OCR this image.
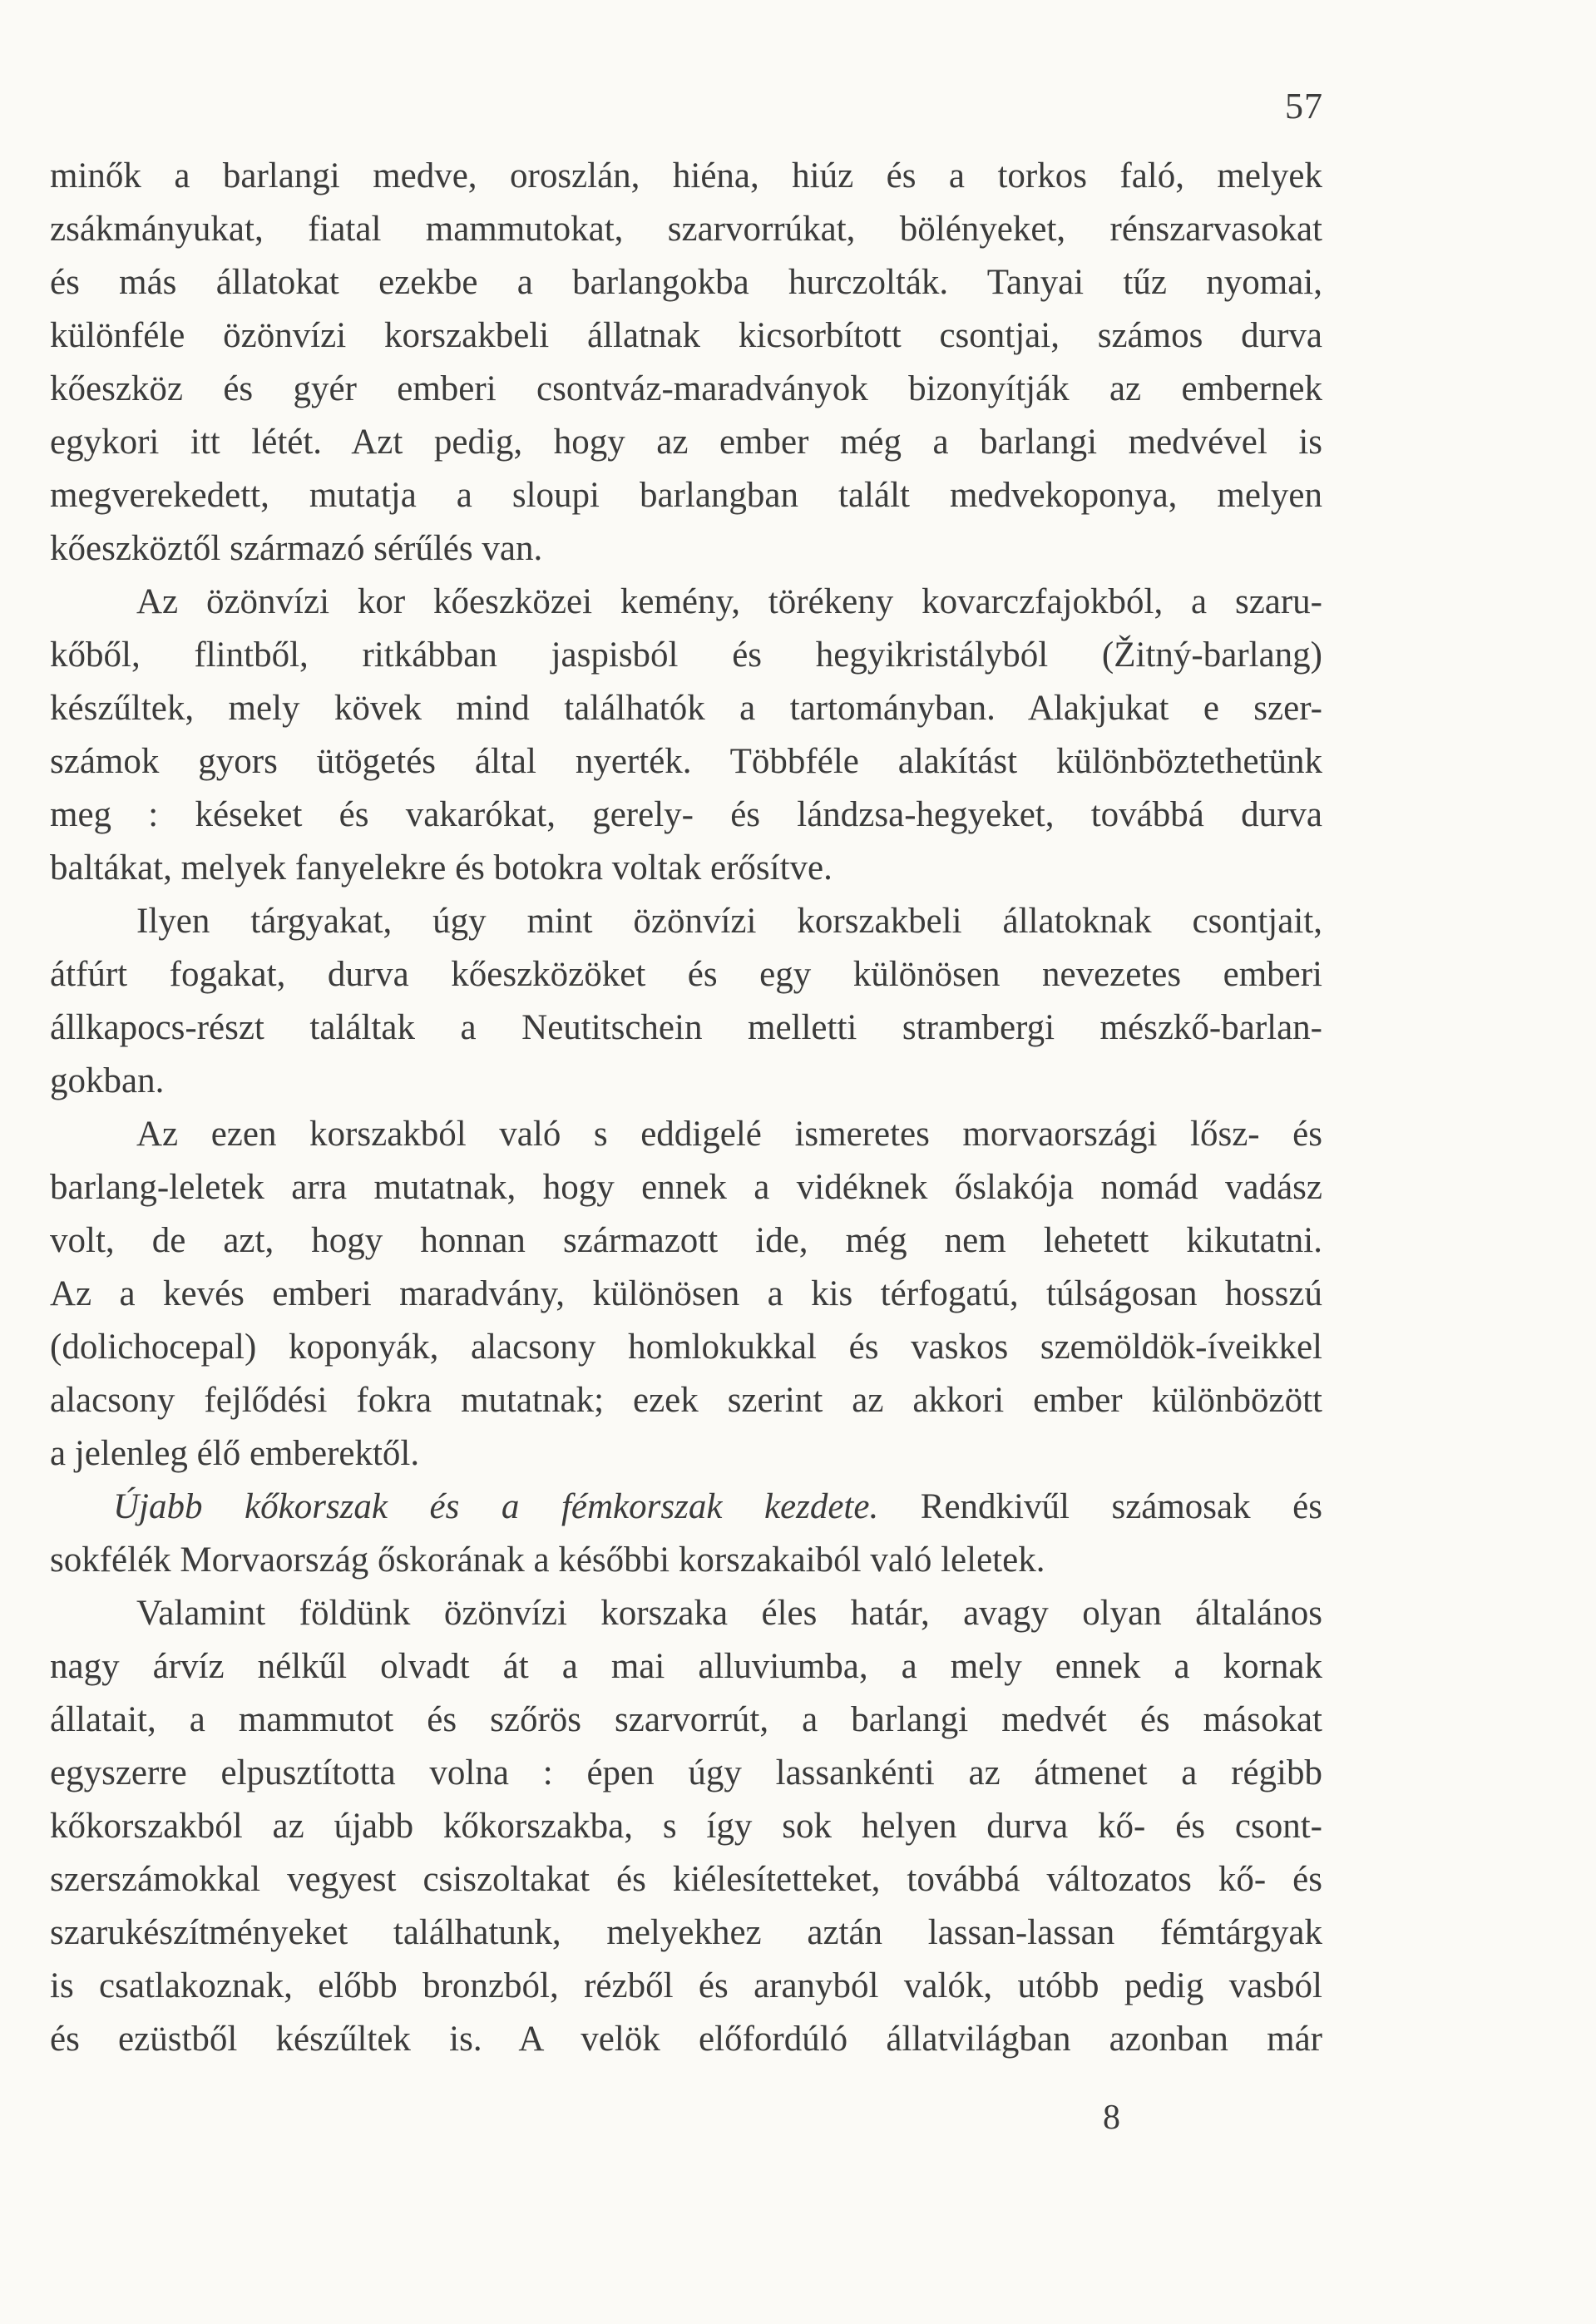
57
minők a barlangi medve, oroszlán, hiéna, hiúz és a torkos faló, melyek
zsákmányukat, fiatal mammutokat, szarvorrúkat, bölényeket, rénszarvasokat
és más állatokat ezekbe a barlangokba hurczolták. Tanyai tűz nyomai,
különféle özönvízi korszakbeli állatnak kicsorbított csontjai, számos durva
kőeszköz és gyér emberi csontváz-maradványok bizonyítják az embernek
egykori itt létét. Azt pedig, hogy az ember még a barlangi medvével is
megverekedett, mutatja a sloupi barlangban talált medvekoponya, melyen
kőeszköztől származó sérűlés van.
Az özönvízi kor kőeszközei kemény, törékeny kovarczfajokból, a szaru-
kőből, flintből, ritkábban jaspisból és hegyikristályból (Žitný-barlang)
készűltek, mely kövek mind találhatók a tartományban. Alakjukat e szer-
számok gyors ütögetés által nyerték. Többféle alakítást különböztethetünk
meg : késeket és vakarókat, gerely- és lándzsa-hegyeket, továbbá durva
baltákat, melyek fanyelekre és botokra voltak erősítve.
Ilyen tárgyakat, úgy mint özönvízi korszakbeli állatoknak csontjait,
átfúrt fogakat, durva kőeszközöket és egy különösen nevezetes emberi
állkapocs-részt találtak a Neutitschein melletti strambergi mészkő-barlan-
gokban.
Az ezen korszakból való s eddigelé ismeretes morvaországi lősz- és
barlang-leletek arra mutatnak, hogy ennek a vidéknek őslakója nomád vadász
volt, de azt, hogy honnan származott ide, még nem lehetett kikutatni.
Az a kevés emberi maradvány, különösen a kis térfogatú, túlságosan hosszú
(dolichocepal) koponyák, alacsony homlokukkal és vaskos szemöldök-íveikkel
alacsony fejlődési fokra mutatnak; ezek szerint az akkori ember különbözött
a jelenleg élő emberektől.
Újabb kőkorszak és a fémkorszak kezdete. Rendkivűl számosak és
sokfélék Morvaország őskorának a későbbi korszakaiból való leletek.
Valamint földünk özönvízi korszaka éles határ, avagy olyan általános
nagy árvíz nélkűl olvadt át a mai alluviumba, a mely ennek a kornak
állatait, a mammutot és szőrös szarvorrút, a barlangi medvét és másokat
egyszerre elpusztította volna : épen úgy lassankénti az átmenet a régibb
kőkorszakból az újabb kőkorszakba, s így sok helyen durva kő- és csont-
szerszámokkal vegyest csiszoltakat és kiélesítetteket, továbbá változatos kő- és
szarukészítményeket találhatunk, melyekhez aztán lassan-lassan fémtárgyak
is csatlakoznak, előbb bronzból, rézből és aranyból valók, utóbb pedig vasból
és ezüstből készűltek is. A velök előfordúló állatvilágban azonban már
8
